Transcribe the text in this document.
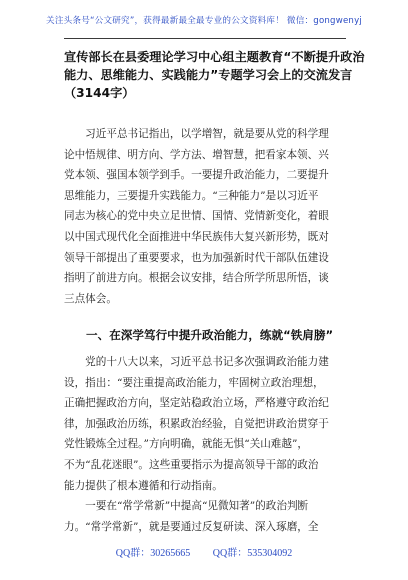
关注头条号“公文研究”，获得最新最全最专业的公文资料库！ 微信：gongwenyj
宣传部长在县委理论学习中心组主题教育“不断提升政治
能力、思维能力、实践能力”专题学习会上的交流发言
（3144字）
　　习近平总书记指出，以学增智，就是要从党的科学理
论中悟规律、明方向、学方法、增智慧，把看家本领、兴
党本领、强国本领学到手。一要提升政治能力，二要提升
思维能力，三要提升实践能力。“三种能力”是以习近平
同志为核心的党中央立足世情、国情、党情新变化，着眼
以中国式现代化全面推进中华民族伟大复兴新形势，既对
领导干部提出了重要要求，也为加强新时代干部队伍建设
指明了前进方向。根据会议安排，结合所学所思所悟，谈
三点体会。
一、在深学笃行中提升政治能力，练就“铁肩膀”
　　党的十八大以来，习近平总书记多次强调政治能力建
设，指出：“要注重提高政治能力，牢固树立政治理想，
正确把握政治方向，坚定站稳政治立场，严格遵守政治纪
律，加强政治历练，积累政治经验，自觉把讲政治贯穿于
党性锻炼全过程。”方向明确，就能无惧“关山难越”，
不为“乱花迷眼”。这些重要指示为提高领导干部的政治
能力提供了根本遵循和行动指南。
　　一要在“常学常新”中提高“见微知著”的政治判断
力。“常学常新”，就是要通过反复研读、深入琢磨，全
QQ群：30265665 QQ群：535304092
